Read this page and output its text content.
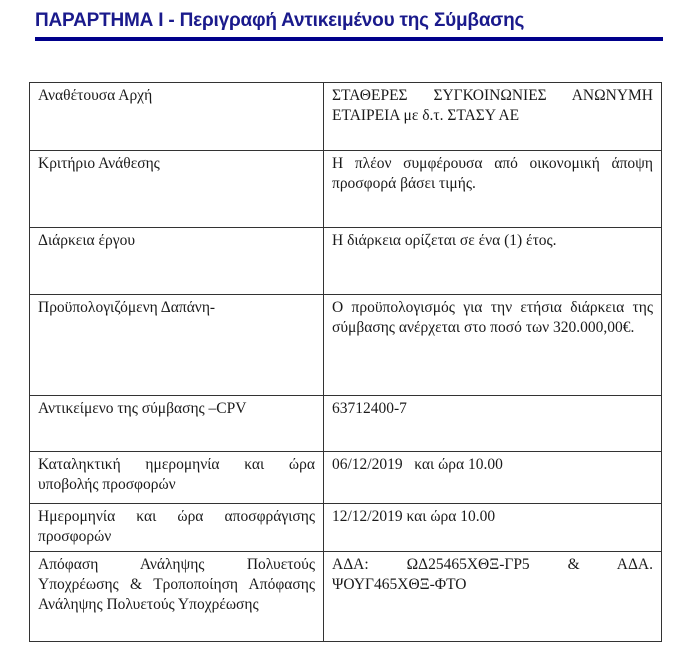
ΠΑΡΑΡΤΗΜΑ Ι - Περιγραφή Αντικειμένου της Σύμβασης
Αναθέτουσα Αρχή	ΣΤΑΘΕΡΕΣ ΣΥΓΚΟΙΝΩΝΙΕΣ ΑΝΩΝΥΜΗ ΕΤΑΙΡΕΙΑ με δ.τ. ΣΤΑΣΥ ΑΕ
Κριτήριο Ανάθεσης	Η πλέον συμφέρουσα από οικονομική άποψη προσφορά βάσει τιμής.
Διάρκεια έργου	Η διάρκεια ορίζεται σε ένα (1) έτος.
Προϋπολογιζόμενη Δαπάνη-	Ο προϋπολογισμός για την ετήσια διάρκεια της σύμβασης ανέρχεται στο ποσό των 320.000,00€.
Αντικείμενο της σύμβασης –CPV	63712400-7
Καταληκτική ημερομηνία και ώρα υποβολής προσφορών	06/12/2019   και ώρα 10.00
Ημερομηνία και ώρα αποσφράγισης προσφορών	12/12/2019 και ώρα 10.00
Απόφαση Ανάληψης Πολυετούς Υποχρέωσης & Τροποποίηση Απόφασης Ανάληψης Πολυετούς Υποχρέωσης	ΑΔΑ: ΩΔ25465ΧΘΞ-ΓΡ5 & ΑΔΑ. ΨΟΥΓ465ΧΘΞ-ΦΤΟ
